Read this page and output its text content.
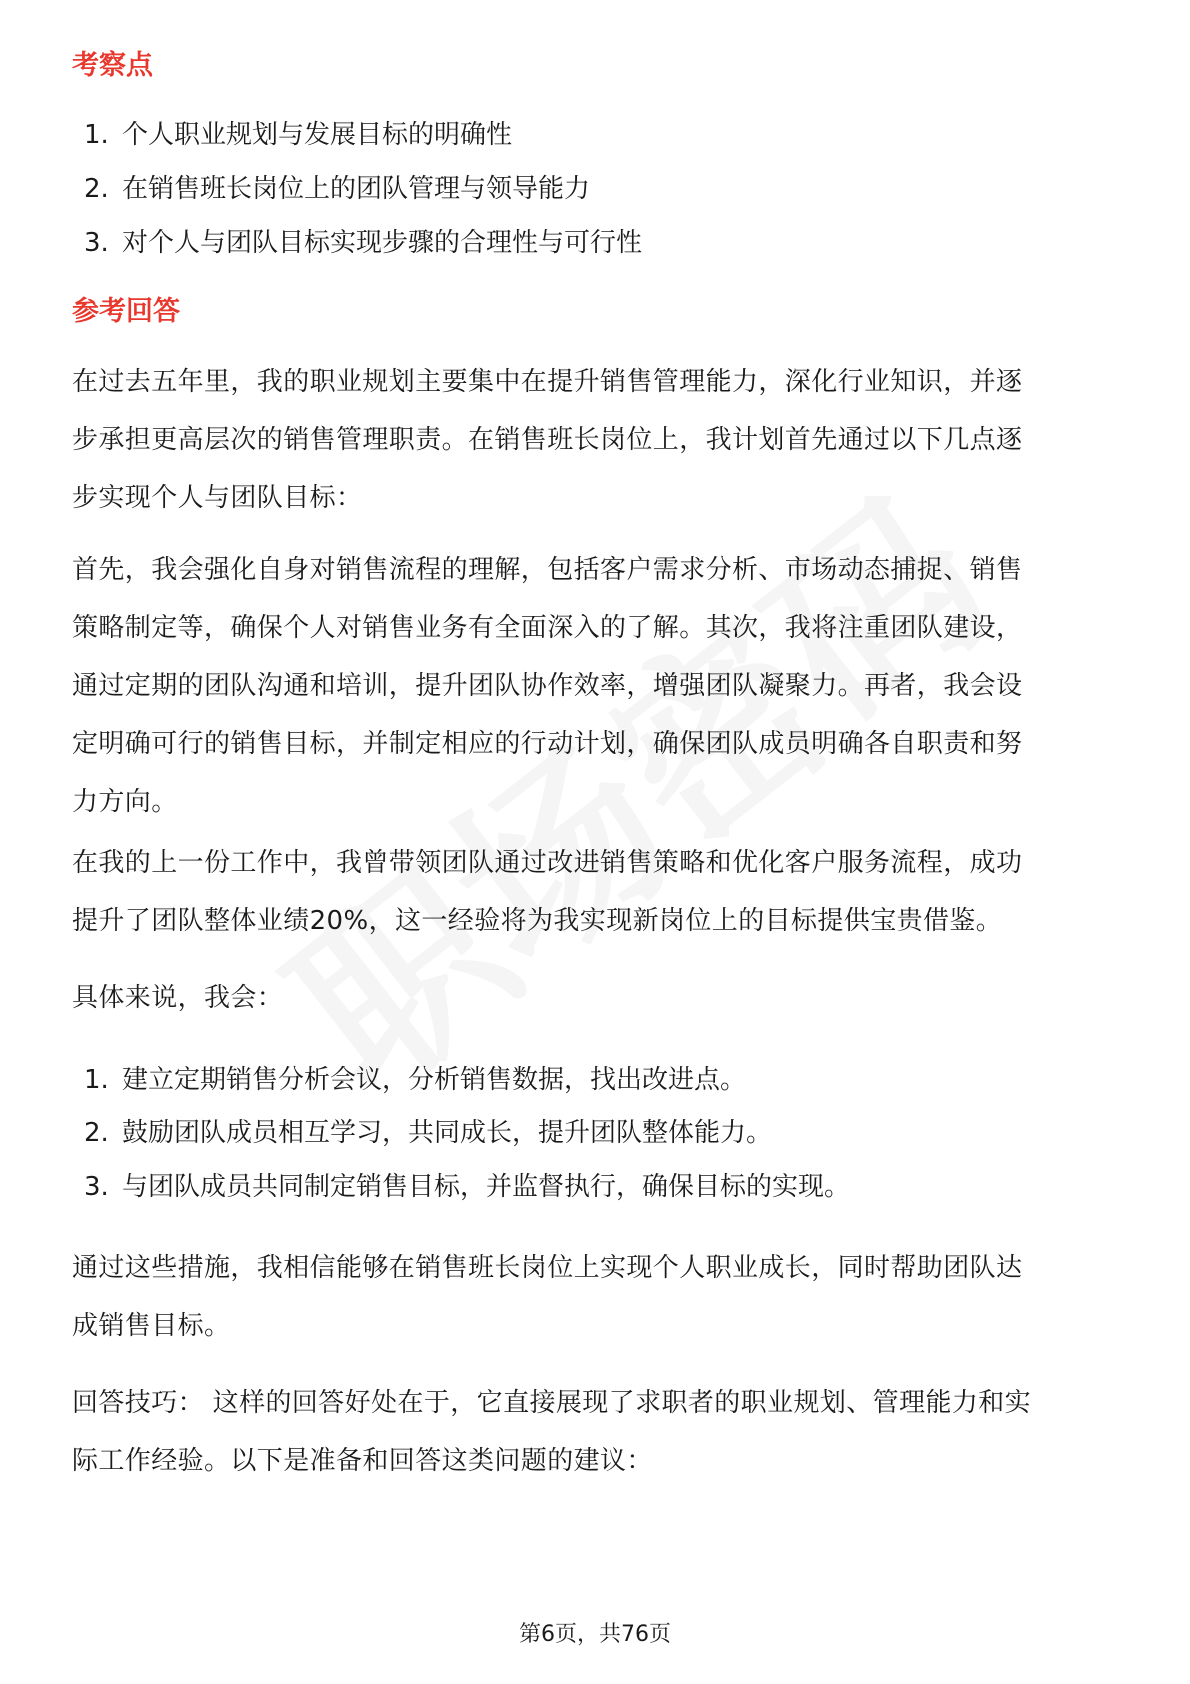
考察点
1. 个人职业规划与发展目标的明确性
2. 在销售班长岗位上的团队管理与领导能力
3. 对个人与团队目标实现步骤的合理性与可行性
参考回答
在过去五年里，我的职业规划主要集中在提升销售管理能力，深化行业知识，并逐
步承担更高层次的销售管理职责。在销售班长岗位上，我计划首先通过以下几点逐
步实现个人与团队目标：
首先，我会强化自身对销售流程的理解，包括客户需求分析、市场动态捕捉、销售
策略制定等，确保个人对销售业务有全面深入的了解。其次，我将注重团队建设，
通过定期的团队沟通和培训，提升团队协作效率，增强团队凝聚力。再者，我会设
定明确可行的销售目标，并制定相应的行动计划，确保团队成员明确各自职责和努
力方向。
在我的上一份工作中，我曾带领团队通过改进销售策略和优化客户服务流程，成功
提升了团队整体业绩20%，这一经验将为我实现新岗位上的目标提供宝贵借鉴。
具体来说，我会：
1. 建立定期销售分析会议，分析销售数据，找出改进点。
2. 鼓励团队成员相互学习，共同成长，提升团队整体能力。
3. 与团队成员共同制定销售目标，并监督执行，确保目标的实现。
通过这些措施，我相信能够在销售班长岗位上实现个人职业成长，同时帮助团队达
成销售目标。
回答技巧： 这样的回答好处在于，它直接展现了求职者的职业规划、管理能力和实
际工作经验。以下是准备和回答这类问题的建议：
第6页，共76页
